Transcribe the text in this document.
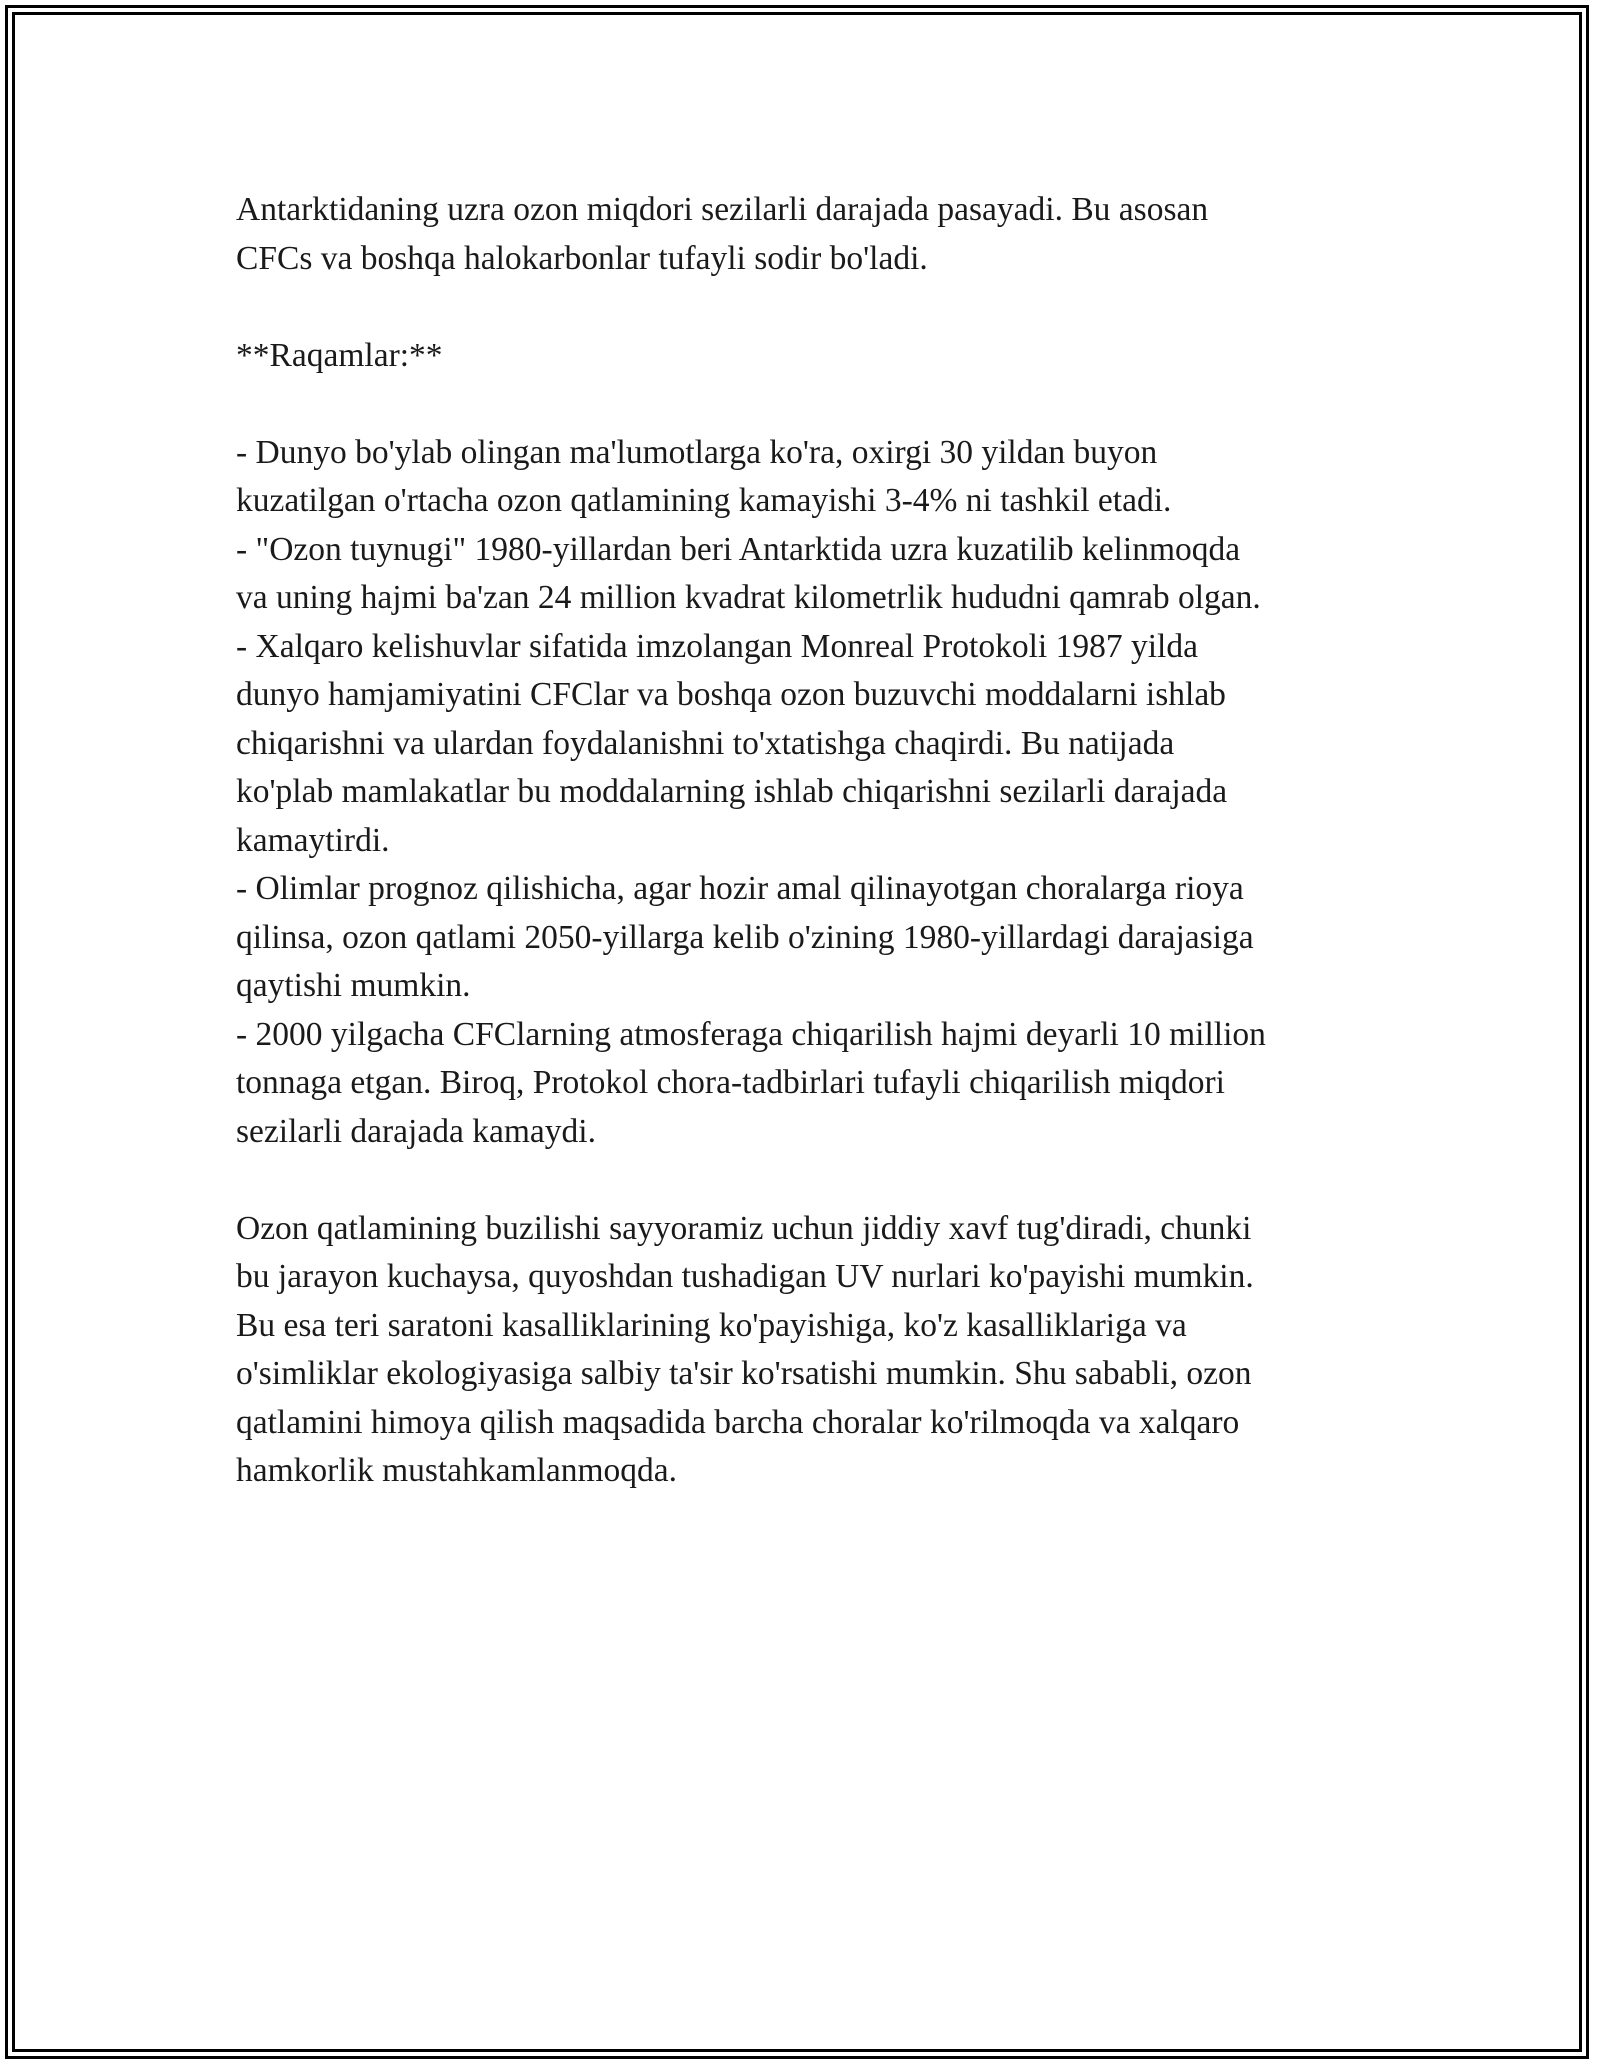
Antarktidaning uzra ozon miqdori sezilarli darajada pasayadi. Bu asosan

CFCs va boshqa halokarbonlar tufayli sodir bo'ladi.

**Raqamlar:**

- Dunyo bo'ylab olingan ma'lumotlarga ko'ra, oxirgi 30 yildan buyon

kuzatilgan o'rtacha ozon qatlamining kamayishi 3-4% ni tashkil etadi.

- "Ozon tuynugi" 1980-yillardan beri Antarktida uzra kuzatilib kelinmoqda

va uning hajmi ba'zan 24 million kvadrat kilometrlik hududni qamrab olgan.

- Xalqaro kelishuvlar sifatida imzolangan Monreal Protokoli 1987 yilda

dunyo hamjamiyatini CFClar va boshqa ozon buzuvchi moddalarni ishlab

chiqarishni va ulardan foydalanishni to'xtatishga chaqirdi. Bu natijada

ko'plab mamlakatlar bu moddalarning ishlab chiqarishni sezilarli darajada

kamaytirdi.

- Olimlar prognoz qilishicha, agar hozir amal qilinayotgan choralarga rioya

qilinsa, ozon qatlami 2050-yillarga kelib o'zining 1980-yillardagi darajasiga

qaytishi mumkin.

- 2000 yilgacha CFClarning atmosferaga chiqarilish hajmi deyarli 10 million

tonnaga etgan. Biroq, Protokol chora-tadbirlari tufayli chiqarilish miqdori

sezilarli darajada kamaydi.

Ozon qatlamining buzilishi sayyoramiz uchun jiddiy xavf tug'diradi, chunki

bu jarayon kuchaysa, quyoshdan tushadigan UV nurlari ko'payishi mumkin.

Bu esa teri saratoni kasalliklarining ko'payishiga, ko'z kasalliklariga va

o'simliklar ekologiyasiga salbiy ta'sir ko'rsatishi mumkin. Shu sababli, ozon

qatlamini himoya qilish maqsadida barcha choralar ko'rilmoqda va xalqaro

hamkorlik mustahkamlanmoqda.
